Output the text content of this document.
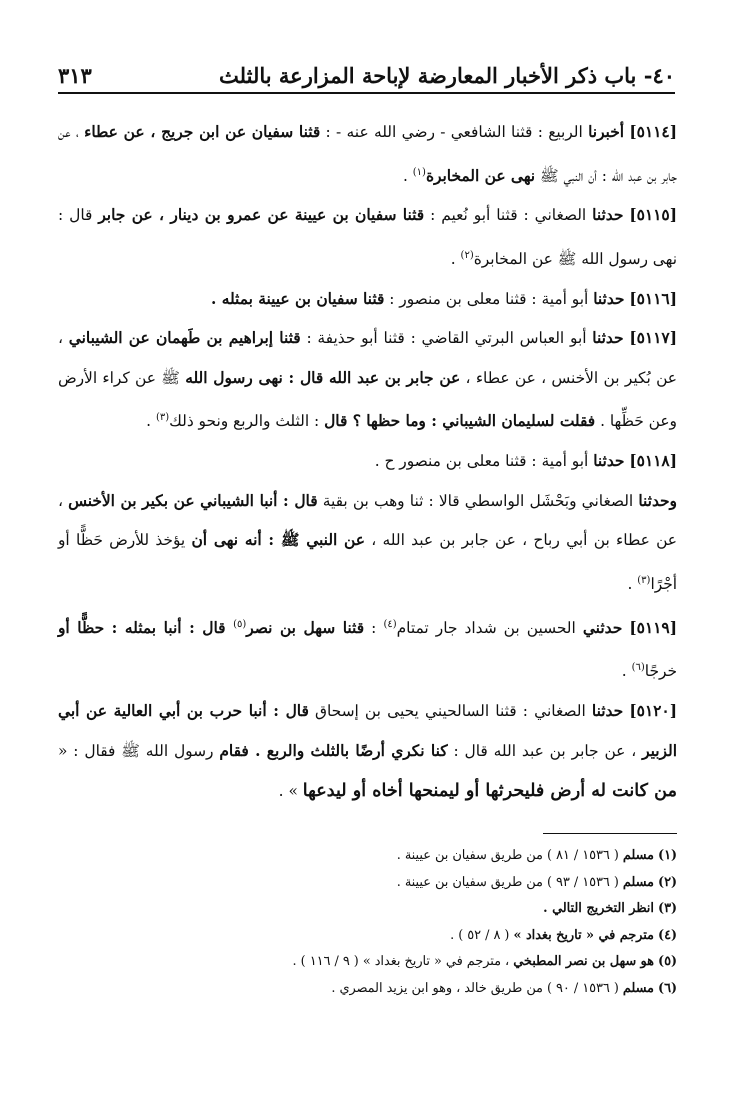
٤٠- باب ذكر الأخبار المعارضة لإباحة المزارعة بالثلث
٣١٣

[٥١١٤] أخبرنا الربيع : قثنا الشافعي - رضي الله عنه - : قثنا سفيان عن ابن جريج ، عن عطاء ، عن جابر بن عبد الله : أن النبي ﷺ نهى عن المخابرة$^{(١)}$ .

[٥١١٥] حدثنا الصغاني : قثنا أبو نُعيم : قثنا سفيان بن عيينة عن عمرو بن دينار ، عن جابر قال : نهى رسول الله ﷺ عن المخابرة$^{(٢)}$ .

[٥١١٦] حدثنا أبو أمية : قثنا معلى بن منصور : قثنا سفيان بن عيينة بمثله .

[٥١١٧] حدثنا أبو العباس البرتي القاضي : قثنا أبو حذيفة : قثنا إبراهيم بن طَهمان عن الشيباني ، عن بُكير بن الأخنس ، عن عطاء ، عن جابر بن عبد الله قال : نهى رسول الله ﷺ عن كراء الأرض وعن حَظِّها . فقلت لسليمان الشيباني : وما حظها ؟ قال : الثلث والربع ونحو ذلك$^{(٣)}$ .

[٥١١٨] حدثنا أبو أمية : قثنا معلى بن منصور ح .

وحدثنا الصغاني وبَحْشَل الواسطي قالا : ثنا وهب بن بقية قال : أنبا الشيباني عن بكير بن الأخنس ، عن عطاء بن أبي رباح ، عن جابر بن عبد الله ، عن النبي ﷺ : أنه نهى أن يؤخذ للأرض حَظًّا أو أجْرًا$^{(٣)}$ .

[٥١١٩] حدثني الحسين بن شداد جار تمتام$^{(٤)}$ : قثنا سهل بن نصر$^{(٥)}$ قال : أنبا بمثله : حظًّا أو خرجًا$^{(٦)}$ .

[٥١٢٠] حدثنا الصغاني : قثنا السالحيني يحيى بن إسحاق قال : أنبا حرب بن أبي العالية عن أبي الزبير ، عن جابر بن عبد الله قال : كنا نكري أرضًا بالثلث والربع . فقام رسول الله ﷺ فقال : « من كانت له أرض فليحرثها أو ليمنحها أخاه أو ليدعها » .

(١) مسلم ( ١٥٣٦ / ٨١ ) من طريق سفيان بن عيينة .
(٢) مسلم ( ١٥٣٦ / ٩٣ ) من طريق سفيان بن عيينة .
(٣) انظر التخريج التالي .
(٤) مترجم في « تاريخ بغداد » ( ٨ / ٥٢ ) .
(٥) هو سهل بن نصر المطبخي ، مترجم في « تاريخ بغداد » ( ٩ / ١١٦ ) .
(٦) مسلم ( ١٥٣٦ / ٩٠ ) من طريق خالد ، وهو ابن يزيد المصري .
